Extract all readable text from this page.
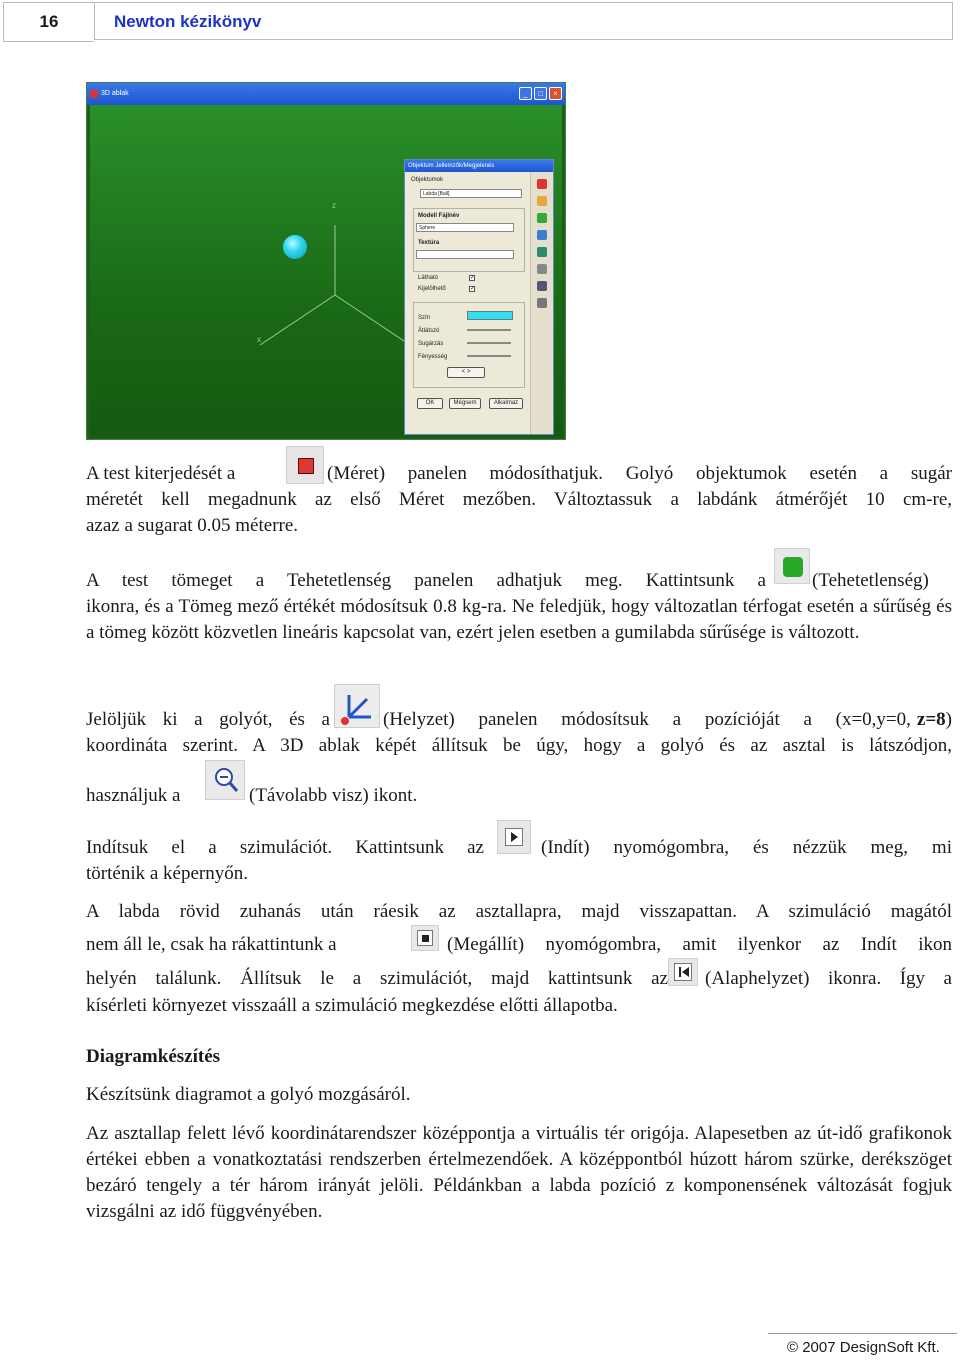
16	Newton kézikönyv
3D ablak	_	□	×
z
x
Objektum Jellemzők/Megjelenés
Objektumok
Labda [Ball]
Modell Fájlnév
Sphere
Textúra
Látható	✓
Kijelölhető	✓
Szín
Átlátszó
Sugárzás
Fényesség
< >
OK	Mégsem	Alkalmaz
A test kiterjedését a	(Méret) panelen módosíthatjuk. Golyó objektumok esetén a sugár
méretét kell megadnunk az első Méret mezőben. Változtassuk a labdánk átmérőjét 10 cm-re,
azaz a sugarat 0.05 méterre.
A test tömeget a Tehetetlenség panelen adhatjuk meg. Kattintsunk a (Tehetetlenség)

ikonra, és a Tömeg mező értékét módosítsuk 0.8 kg-ra. Ne feledjük, hogy változatlan térfogat esetén a sűrűség és a tömeg között közvetlen lineáris kapcsolat van, ezért jelen esetben a gumilabda sűrűsége is változott.

Jelöljük ki a golyót, és a	(Helyzet) panelen módosítsuk a pozícióját a (x=0,y=0, z=8)
koordináta szerint. A 3D ablak képét állítsuk be úgy, hogy a golyó és az asztal is látszódjon,
használjuk a	(Távolabb visz) ikont.
Indítsuk el a szimulációt. Kattintsunk az	(Indít) nyomógombra, és nézzük meg, mi
történik a képernyőn.
A labda rövid zuhanás után ráesik az asztallapra, majd visszapattan. A szimuláció magától
nem áll le, csak ha rákattintunk a	(Megállít) nyomógombra, amit ilyenkor az Indít ikon
helyén találunk. Állítsuk le a szimulációt, majd kattintsunk az (Alaphelyzet) ikonra. Így a
kísérleti környezet visszaáll a szimuláció megkezdése előtti állapotba.
Diagramkészítés
Készítsünk diagramot a golyó mozgásáról.

Az asztallap felett lévő koordinátarendszer középpontja a virtuális tér origója. Alapesetben az út-idő grafikonok értékei ebben a vonatkoztatási rendszerben értelmezendőek. A középpontból húzott három szürke, derékszöget bezáró tengely a tér három irányát jelöli. Példánkban a labda pozíció z komponensének változását fogjuk vizsgálni az idő függvényében.

© 2007 DesignSoft Kft.
